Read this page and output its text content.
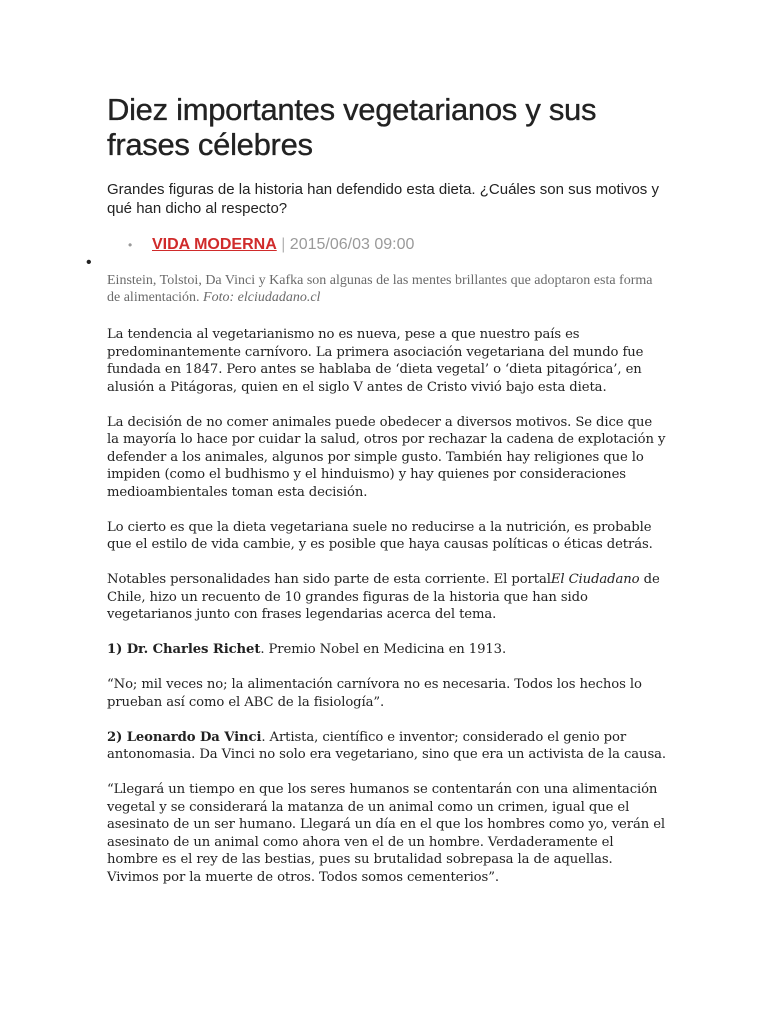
Diez importantes vegetarianos y sus frases célebres

Grandes figuras de la historia han defendido esta dieta. ¿Cuáles son sus motivos y qué han dicho al respecto?

• VIDA MODERNA | 2015/06/03 09:00
•

Einstein, Tolstoi, Da Vinci y Kafka son algunas de las mentes brillantes que adoptaron esta forma de alimentación. Foto: elciudadano.cl

La tendencia al vegetarianismo no es nueva, pese a que nuestro país es predominantemente carnívoro. La primera asociación vegetariana del mundo fue fundada en 1847. Pero antes se hablaba de ‘dieta vegetal’ o ‘dieta pitagórica’, en alusión a Pitágoras, quien en el siglo V antes de Cristo vivió bajo esta dieta.

La decisión de no comer animales puede obedecer a diversos motivos. Se dice que la mayoría lo hace por cuidar la salud, otros por rechazar la cadena de explotación y defender a los animales, algunos por simple gusto. También hay religiones que lo impiden (como el budhismo y el hinduismo) y hay quienes por consideraciones medioambientales toman esta decisión.

Lo cierto es que la dieta vegetariana suele no reducirse a la nutrición, es probable que el estilo de vida cambie, y es posible que haya causas políticas o éticas detrás.

Notables personalidades han sido parte de esta corriente. El portalEl Ciudadano de Chile, hizo un recuento de 10 grandes figuras de la historia que han sido vegetarianos junto con frases legendarias acerca del tema.

1) Dr. Charles Richet. Premio Nobel en Medicina en 1913.

“No; mil veces no; la alimentación carnívora no es necesaria. Todos los hechos lo prueban así como el ABC de la fisiología”.

2) Leonardo Da Vinci. Artista, científico e inventor; considerado el genio por antonomasia. Da Vinci no solo era vegetariano, sino que era un activista de la causa.

“Llegará un tiempo en que los seres humanos se contentarán con una alimentación vegetal y se considerará la matanza de un animal como un crimen, igual que el asesinato de un ser humano. Llegará un día en el que los hombres como yo, verán el asesinato de un animal como ahora ven el de un hombre. Verdaderamente el hombre es el rey de las bestias, pues su brutalidad sobrepasa la de aquellas. Vivimos por la muerte de otros. Todos somos cementerios”.
